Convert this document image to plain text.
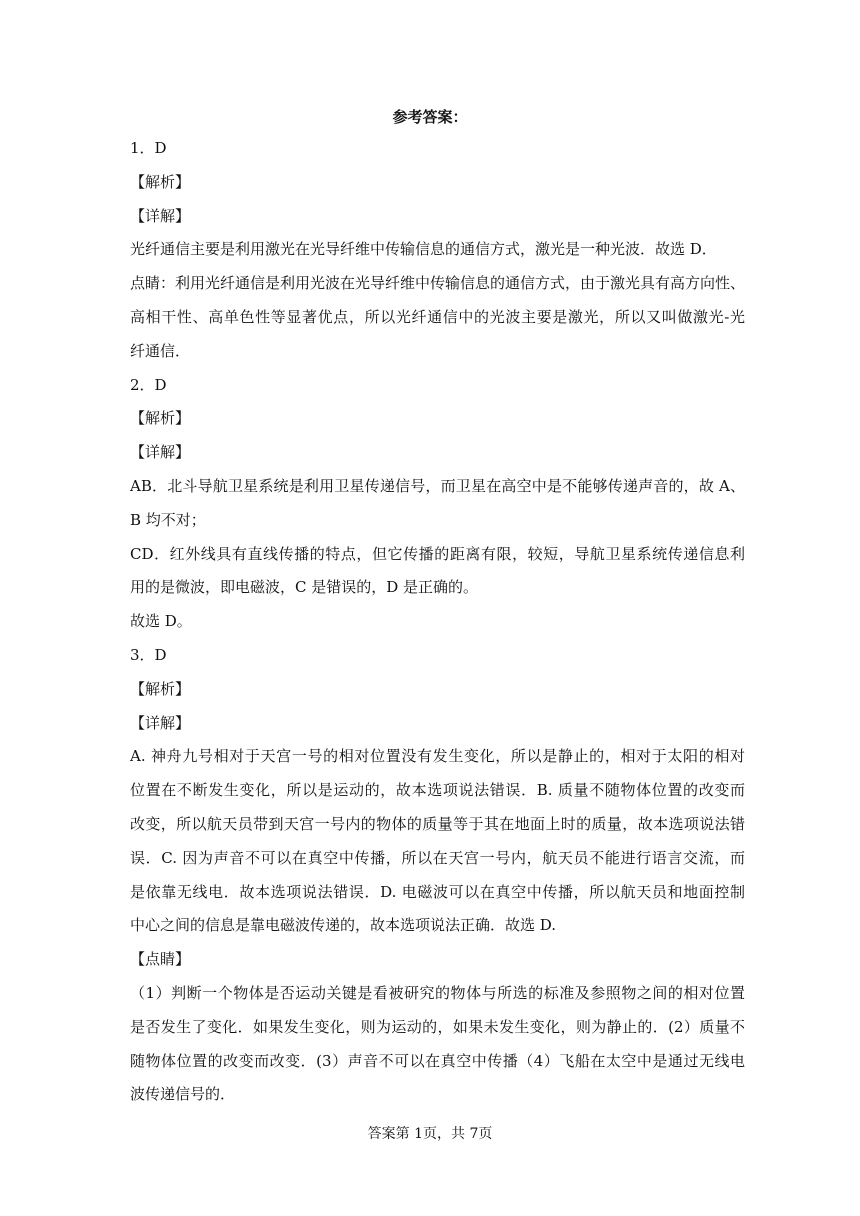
参考答案：
1．D
【解析】
【详解】
光纤通信主要是利用激光在光导纤维中传输信息的通信方式，激光是一种光波．故选 D．
点睛：利用光纤通信是利用光波在光导纤维中传输信息的通信方式，由于激光具有高方向性、
高相干性、高单色性等显著优点，所以光纤通信中的光波主要是激光，所以又叫做激光-光
纤通信．
2．D
【解析】
【详解】
AB．北斗导航卫星系统是利用卫星传递信号，而卫星在高空中是不能够传递声音的，故 A、
B 均不对；
CD．红外线具有直线传播的特点，但它传播的距离有限，较短，导航卫星系统传递信息利
用的是微波，即电磁波，C 是错误的，D 是正确的。
故选 D。
3．D
【解析】
【详解】
A. 神舟九号相对于天宫一号的相对位置没有发生变化，所以是静止的，相对于太阳的相对
位置在不断发生变化，所以是运动的，故本选项说法错误．B. 质量不随物体位置的改变而
改变，所以航天员带到天宫一号内的物体的质量等于其在地面上时的质量，故本选项说法错
误．C. 因为声音不可以在真空中传播，所以在天宫一号内，航天员不能进行语言交流，而
是依靠无线电．故本选项说法错误．D. 电磁波可以在真空中传播，所以航天员和地面控制
中心之间的信息是靠电磁波传递的，故本选项说法正确．故选 D.
【点睛】
（1）判断一个物体是否运动关键是看被研究的物体与所选的标准及参照物之间的相对位置
是否发生了变化．如果发生变化，则为运动的，如果未发生变化，则为静止的．(2）质量不
随物体位置的改变而改变．(3）声音不可以在真空中传播（4）飞船在太空中是通过无线电
波传递信号的．
答案第 1页，共 7页
